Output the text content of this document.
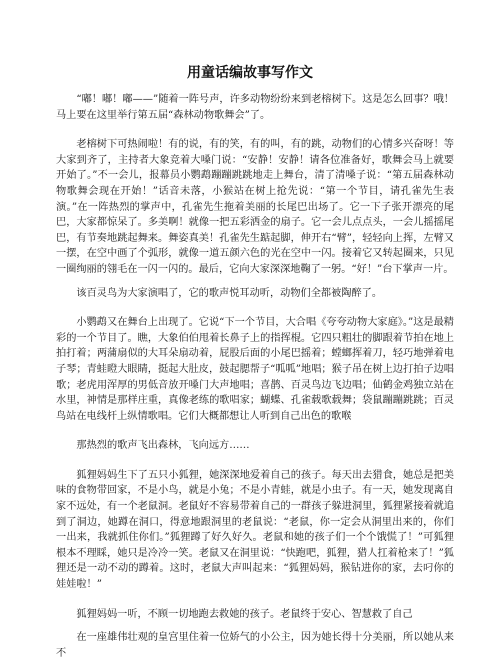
用童话编故事写作文

“嘟！嘟！嘟——”随着一阵号声，许多动物纷纷来到老榕树下。这是怎么回事？哦！马上要在这里举行第五届“森林动物歌舞会”了。

老榕树下可热闹啦！有的说，有的笑，有的叫，有的跳，动物们的心情多兴奋呀！等大家到齐了，主持者大象竞着大嗓门说：“安静！安静！请各位准备好，歌舞会马上就要开始了。”不一会儿，报幕员小鹦鹉蹦蹦跳跳地走上舞台，清了清嗓子说：“第五届森林动物歌舞会现在开始！”话音未落，小猴站在树上抢先说：“第一个节目，请孔雀先生表演。”在一阵热烈的掌声中，孔雀先生拖着美丽的长尾巴出场了。它一下子张开漂亮的尾巴，大家都惊呆了。多美啊！就像一把五彩洒金的扇子。它一会儿点点头，一会儿摇摇尾巴，有节奏地跳起舞来。舞姿真美！孔雀先生踮起脚，伸开右“臂”，轻轻向上挥，左臂又一摆，在空中画了个弧形，就像一道五颜六色的光在空中一闪。接着它又转起圈来，只见一圈绚丽的翎毛在一闪一闪的。最后，它向大家深深地鞠了一躬。“好！”台下掌声一片。

该百灵鸟为大家演唱了，它的歌声悦耳动听，动物们全都被陶醉了。

小鹦鹉又在舞台上出现了。它说“下一个节目，大合唱《夸夸动物大家庭》。”这是最精彩的一个节目了。瞧，大象伯伯甩着长鼻子上的指挥棍。它四只粗壮的脚跟着节拍在地上拍打着；两蒲扇似的大耳朵扇动着，屁股后面的小尾巴摇着；螳螂挥着刀，轻巧地弹着电子琴；青蛙瞪大眼睛，挺起大肚皮，鼓起腮帮子“呱呱”地唱；猴子吊在树上边打拍子边唱歌；老虎用浑厚的男低音放开嗓门大声地唱；喜鹊、百灵鸟边飞边唱；仙鹤金鸡独立站在水里，神情是那样庄重，真像老练的歌唱家；蝴蝶、孔雀载歌载舞；袋鼠蹦蹦跳跳；百灵鸟站在电线杆上纵情歌唱。它们大概都想让人听到自己出色的歌喉

那热烈的歌声飞出森林，飞向远方……

狐狸妈妈生下了五只小狐狸，她深深地爱着自己的孩子。每天出去猎食，她总是把美味的食物带回家，不是小鸟，就是小兔；不是小青蛙，就是小虫子。有一天，她发现离自家不远处，有一个老鼠洞。老鼠好不容易带着自己的一群孩子躲进洞里，狐狸紧接着就追到了洞边，她蹲在洞口，得意地跟洞里的老鼠说：“老鼠，你一定会从洞里出来的，你们一出来，我就抓住你们。”狐狸蹲了好久好久。老鼠和她的孩子们一个个饿慌了！”可狐狸根本不理睬，她只是冷冷一笑。老鼠又在洞里说：“快跑吧，狐狸，猎人扛着枪来了！”狐狸还是一动不动的蹲着。这时，老鼠大声叫起来：“狐狸妈妈，猴钻进你的家，去叼你的娃娃啦！”

狐狸妈妈一听，不顾一切地跑去救她的孩子。老鼠终于安心、智慧救了自己

在一座雄伟壮观的皇宫里住着一位娇气的小公主，因为她长得十分美丽，所以她从来不
